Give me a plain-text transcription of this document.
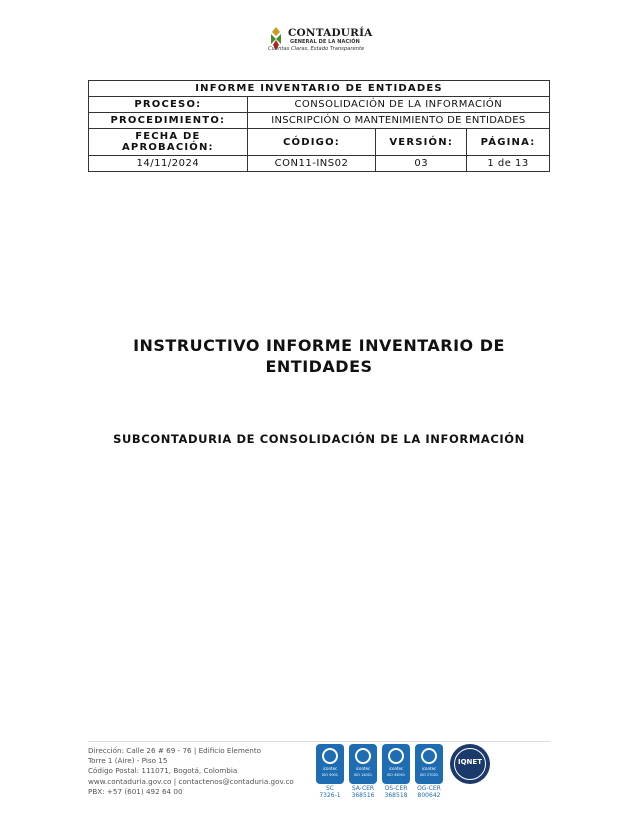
CONTADURÍA
GENERAL DE LA NACIÓN
Cuentas Claras, Estado Transparente
INFORME INVENTARIO DE ENTIDADES			
PROCESO:	CONSOLIDACIÓN DE LA INFORMACIÓN		
PROCEDIMIENTO:	INSCRIPCIÓN O MANTENIMIENTO DE ENTIDADES		

FECHA DE
APROBACIÓN:	CÓDIGO:	VERSIÓN:	PÁGINA:
14/11/2024	CON11-INS02	03	1 de 13
INSTRUCTIVO INFORME INVENTARIO DE
ENTIDADES
SUBCONTADURIA DE CONSOLIDACIÓN DE LA INFORMACIÓN
Dirección: Calle 26 # 69 - 76 | Edificio Elemento
Torre 1 (Aire) - Piso 15
Código Postal: 111071, Bogotá, Colombia
www.contaduria.gov.co | contactenos@contaduria.gov.co
PBX: +57 (601) 492 64 00
icontec
ISO 9001
SC
7326-1
icontec
ISO 14001
SA-CER
368516
icontec
ISO 45001
OS-CER
368518
icontec
ISO 27001
OG-CER
800642
IQNET
